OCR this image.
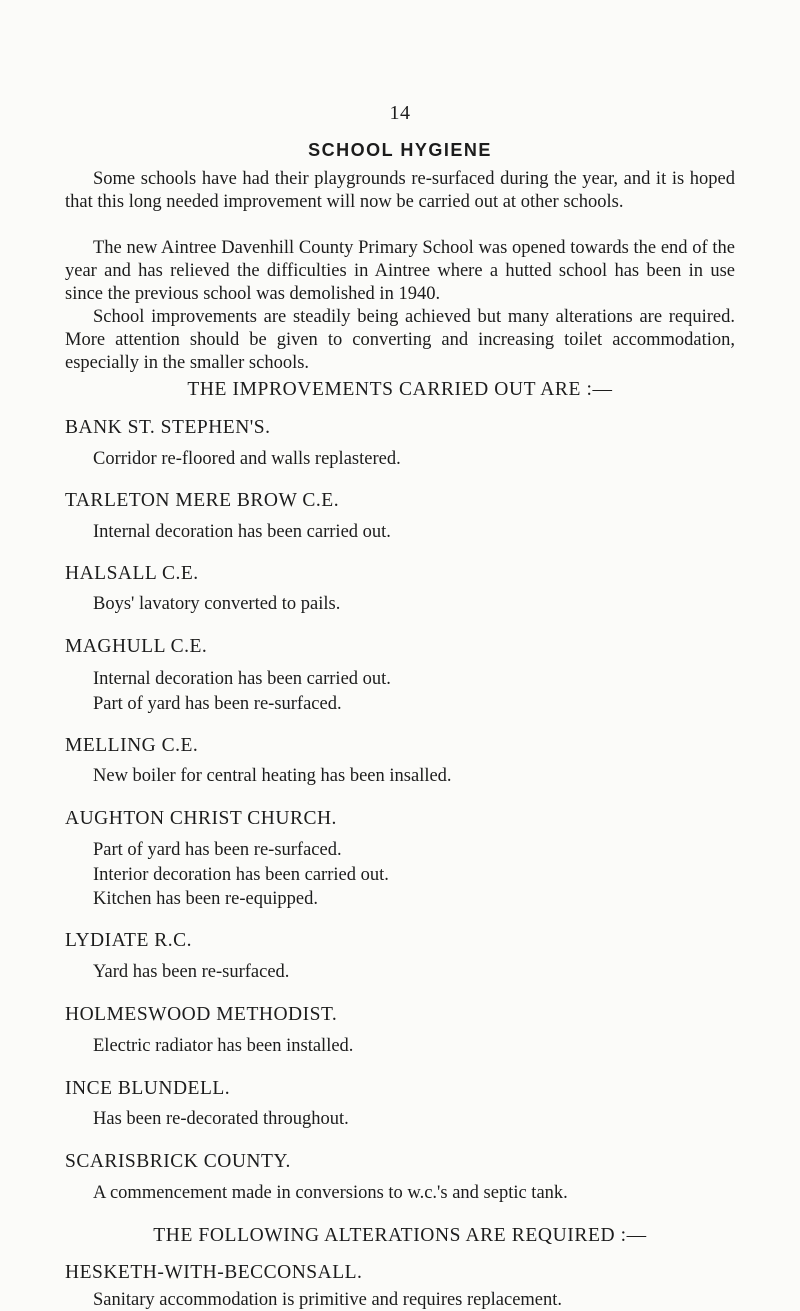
14
SCHOOL HYGIENE

Some schools have had their playgrounds re-surfaced during the year, and it is hoped that this long needed improvement will now be carried out at other schools.

The new Aintree Davenhill County Primary School was opened towards the end of the year and has relieved the difficulties in Aintree where a hutted school has been in use since the previous school was demolished in 1940.

School improvements are steadily being achieved but many alterations are required. More attention should be given to converting and increasing toilet accommodation, especially in the smaller schools.

THE IMPROVEMENTS CARRIED OUT ARE :—
BANK ST. STEPHEN'S.
Corridor re-floored and walls replastered.
TARLETON MERE BROW C.E.
Internal decoration has been carried out.
HALSALL C.E.
Boys' lavatory converted to pails.
MAGHULL C.E.
Internal decoration has been carried out.
Part of yard has been re-surfaced.
MELLING C.E.
New boiler for central heating has been insalled.
AUGHTON CHRIST CHURCH.
Part of yard has been re-surfaced.
Interior decoration has been carried out.
Kitchen has been re-equipped.
LYDIATE R.C.
Yard has been re-surfaced.
HOLMESWOOD METHODIST.
Electric radiator has been installed.
INCE BLUNDELL.
Has been re-decorated throughout.
SCARISBRICK COUNTY.
A commencement made in conversions to w.c.'s and septic tank.
THE FOLLOWING ALTERATIONS ARE REQUIRED :—
HESKETH-WITH-BECCONSALL.
Sanitary accommodation is primitive and requires replacement.
